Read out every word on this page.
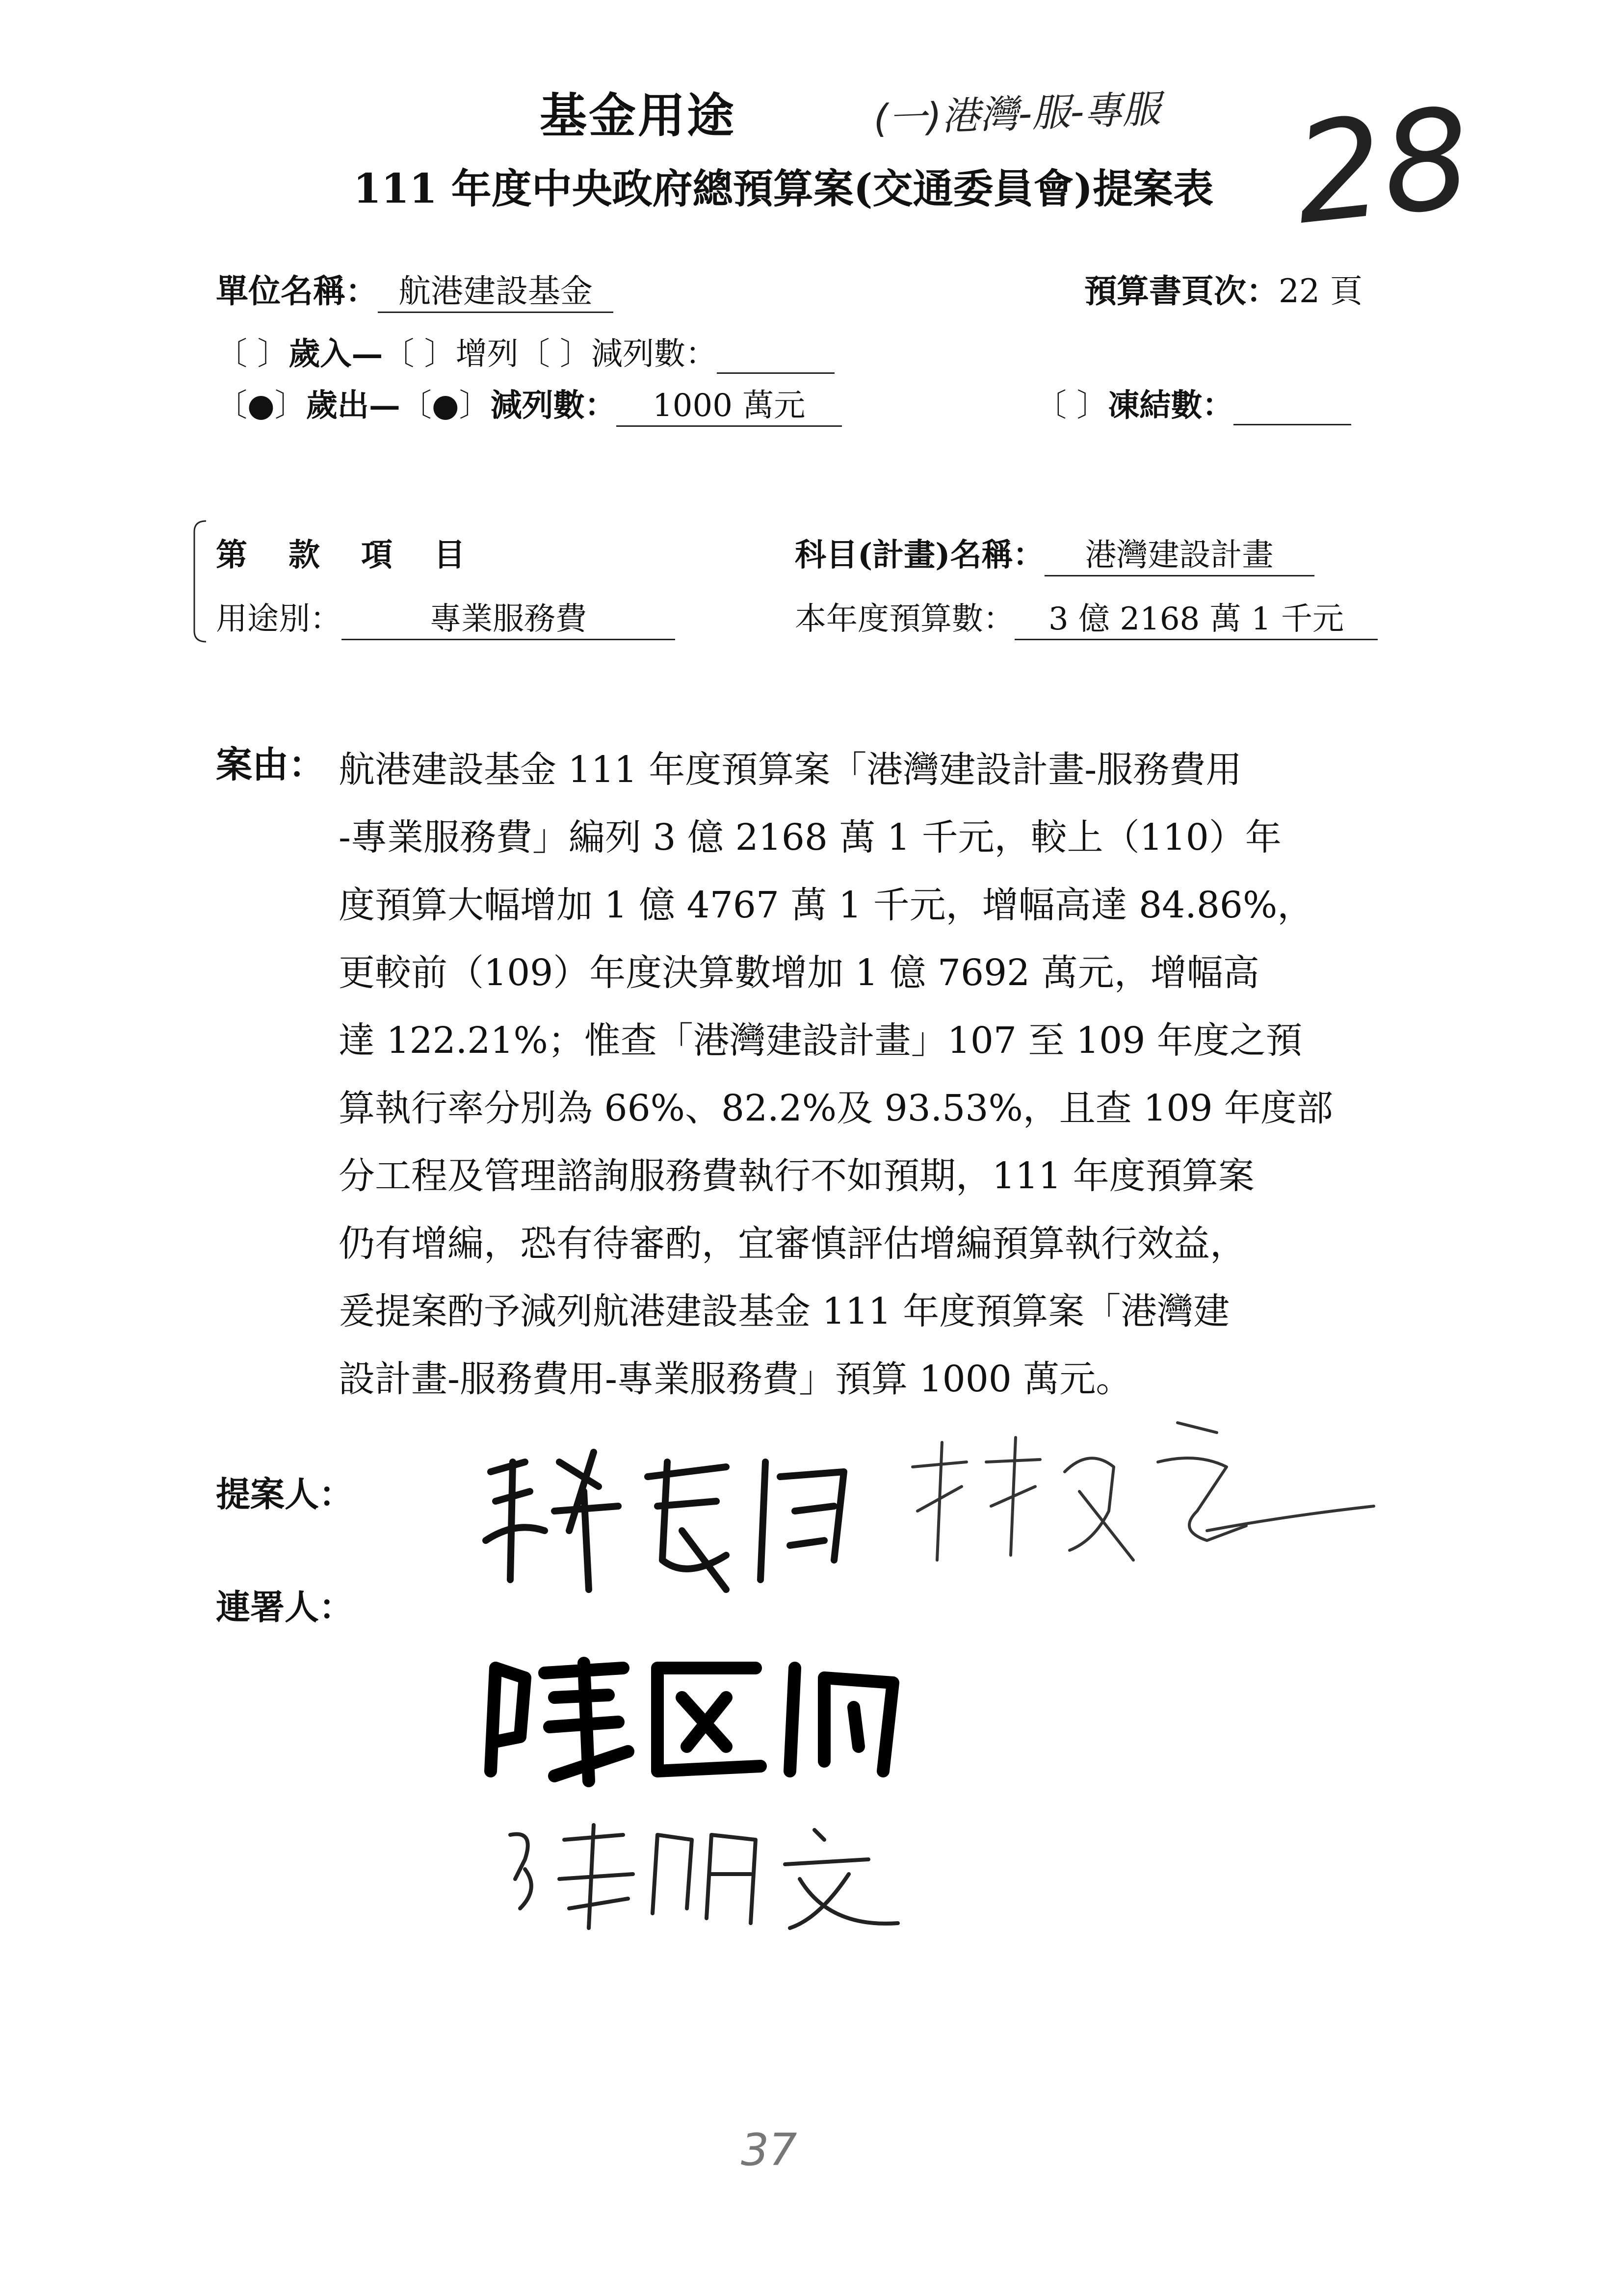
基金用途	(一)港灣-服-專服
111 年度中央政府總預算案(交通委員會)提案表 28
單位名稱： 航港建設基金	預算書頁次：22 頁
〔 〕歲入—〔 〕增列〔 〕減列數：
〔●〕歲出—〔●〕減列數： 1000 萬元	〔 〕凍結數：
第　款　項　目	科目(計畫)名稱： 港灣建設計畫
用途別：	專業服務費	本年度預算數： 3 億 2168 萬 1 千元
案由： 航港建設基金 111 年度預算案「港灣建設計畫-服務費用
-專業服務費」編列 3 億 2168 萬 1 千元，較上（110）年
度預算大幅增加 1 億 4767 萬 1 千元，增幅高達 84.86%，
更較前（109）年度決算數增加 1 億 7692 萬元，增幅高
達 122.21%；惟查「港灣建設計畫」107 至 109 年度之預
算執行率分別為 66%、82.2%及 93.53%，且查 109 年度部
分工程及管理諮詢服務費執行不如預期，111 年度預算案
仍有增編，恐有待審酌，宜審慎評估增編預算執行效益，
爰提案酌予減列航港建設基金 111 年度預算案「港灣建
設計畫-服務費用-專業服務費」預算 1000 萬元。
提案人：
連署人：	許智傑 林俊憲 陳歐珀 陳明文
37
